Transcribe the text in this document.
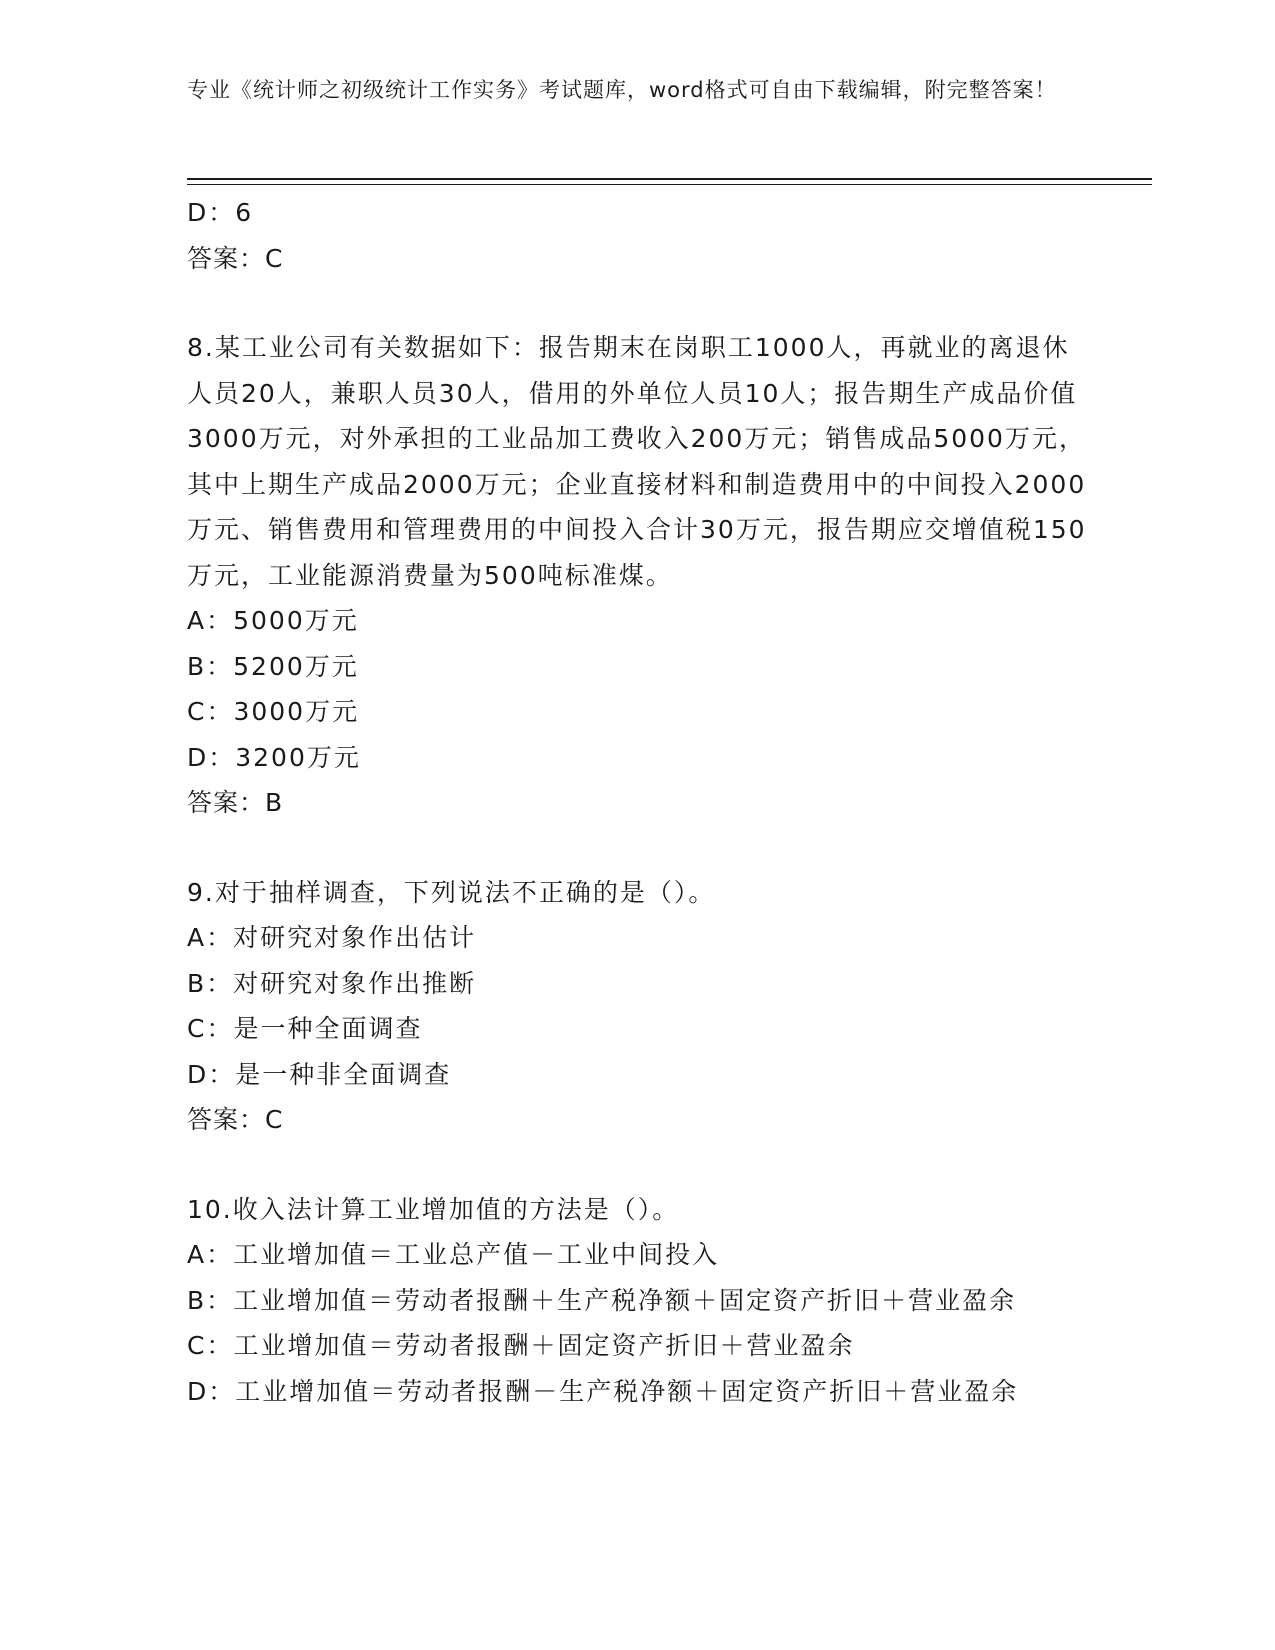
专业《统计师之初级统计工作实务》考试题库，word格式可自由下载编辑，附完整答案！
D：6
答案：C
8.某工业公司有关数据如下：报告期末在岗职工1000人，再就业的离退休人员20人，兼职人员30人，借用的外单位人员10人；报告期生产成品价值3000万元，对外承担的工业品加工费收入200万元；销售成品5000万元，其中上期生产成品2000万元；企业直接材料和制造费用中的中间投入2000万元、销售费用和管理费用的中间投入合计30万元，报告期应交增值税150万元，工业能源消费量为500吨标准煤。
A：5000万元
B：5200万元
C：3000万元
D：3200万元
答案：B
9.对于抽样调查，下列说法不正确的是（）。
A：对研究对象作出估计
B：对研究对象作出推断
C：是一种全面调查
D：是一种非全面调查
答案：C
10.收入法计算工业增加值的方法是（）。
A：工业增加值＝工业总产值－工业中间投入
B：工业增加值＝劳动者报酬＋生产税净额＋固定资产折旧＋营业盈余
C：工业增加值＝劳动者报酬＋固定资产折旧＋营业盈余
D：工业增加值＝劳动者报酬－生产税净额＋固定资产折旧＋营业盈余
